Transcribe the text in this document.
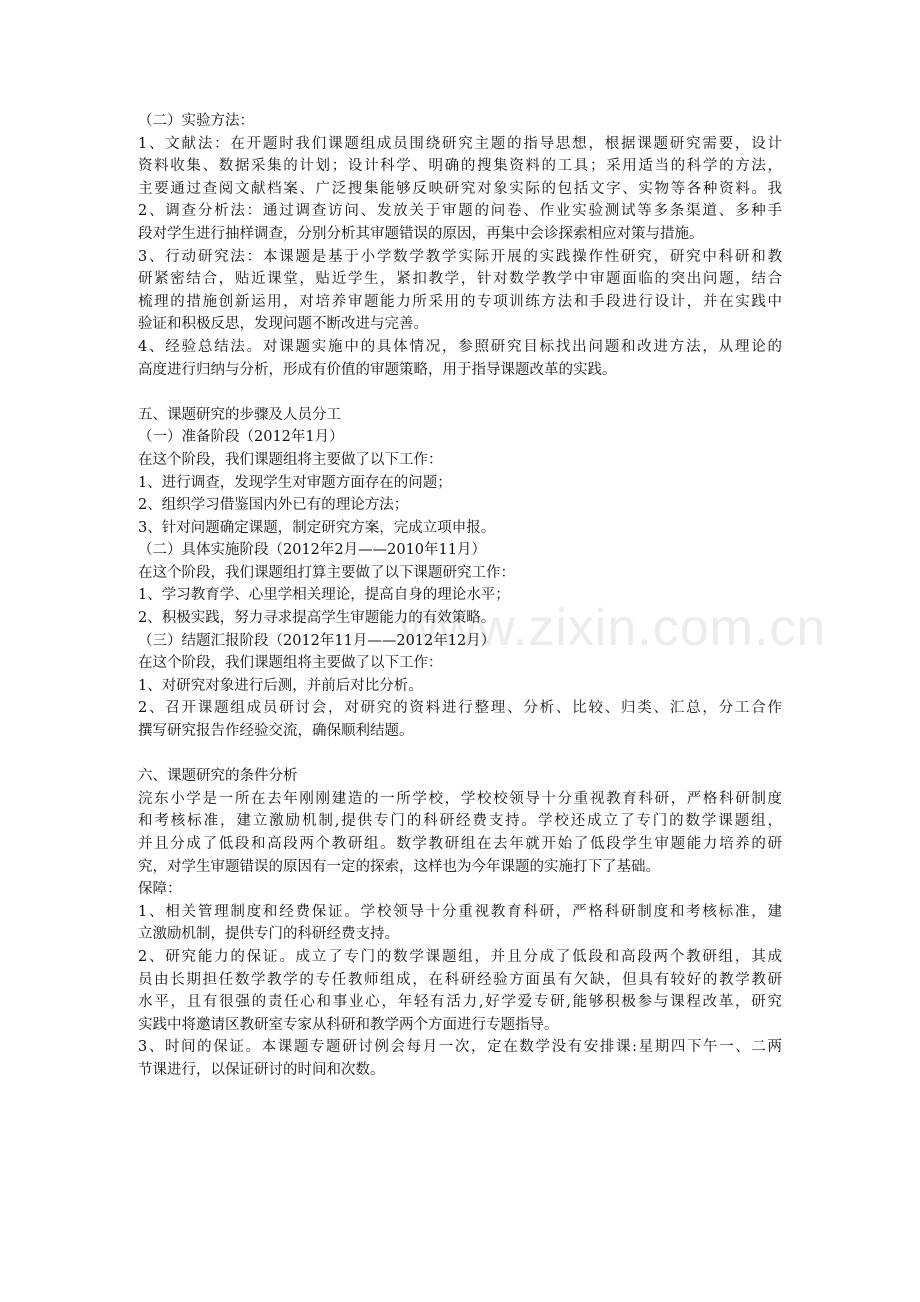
www.zixin.com.cn
（二）实验方法：
1、文献法：在开题时我们课题组成员围绕研究主题的指导思想，根据课题研究需要，设计
资料收集、数据采集的计划；设计科学、明确的搜集资料的工具；采用适当的科学的方法，
主要通过查阅文献档案、广泛搜集能够反映研究对象实际的包括文字、实物等各种资料。我
2、调查分析法：通过调查访问、发放关于审题的问卷、作业实验测试等多条渠道、多种手
段对学生进行抽样调查，分别分析其审题错误的原因，再集中会诊探索相应对策与措施。
3、行动研究法：本课题是基于小学数学教学实际开展的实践操作性研究，研究中科研和教
研紧密结合，贴近课堂，贴近学生，紧扣教学，针对数学教学中审题面临的突出问题，结合
梳理的措施创新运用，对培养审题能力所采用的专项训练方法和手段进行设计，并在实践中
验证和积极反思，发现问题不断改进与完善。
4、经验总结法。对课题实施中的具体情况，参照研究目标找出问题和改进方法，从理论的
高度进行归纳与分析，形成有价值的审题策略，用于指导课题改革的实践。
五、课题研究的步骤及人员分工
（一）准备阶段（2012年1月）
在这个阶段，我们课题组将主要做了以下工作：
1、进行调查，发现学生对审题方面存在的问题；
2、组织学习借鉴国内外已有的理论方法；
3、针对问题确定课题，制定研究方案，完成立项申报。
（二）具体实施阶段（2012年2月——2010年11月）
在这个阶段，我们课题组打算主要做了以下课题研究工作：
1、学习教育学、心里学相关理论，提高自身的理论水平；
2、积极实践，努力寻求提高学生审题能力的有效策略。
（三）结题汇报阶段（2012年11月——2012年12月）
在这个阶段，我们课题组将主要做了以下工作：
1、对研究对象进行后测，并前后对比分析。
2、召开课题组成员研讨会，对研究的资料进行整理、分析、比较、归类、汇总，分工合作
撰写研究报告作经验交流，确保顺利结题。
六、课题研究的条件分析
浣东小学是一所在去年刚刚建造的一所学校，学校校领导十分重视教育科研，严格科研制度
和考核标准，建立激励机制,提供专门的科研经费支持。学校还成立了专门的数学课题组，
并且分成了低段和高段两个教研组。数学教研组在去年就开始了低段学生审题能力培养的研
究，对学生审题错误的原因有一定的探索，这样也为今年课题的实施打下了基础。
保障：
1、相关管理制度和经费保证。学校领导十分重视教育科研，严格科研制度和考核标准，建
立激励机制，提供专门的科研经费支持。
2、研究能力的保证。成立了专门的数学课题组，并且分成了低段和高段两个教研组，其成
员由长期担任数学教学的专任教师组成，在科研经验方面虽有欠缺，但具有较好的教学教研
水平，且有很强的责任心和事业心，年轻有活力,好学爱专研,能够积极参与课程改革，研究
实践中将邀请区教研室专家从科研和教学两个方面进行专题指导。
3、时间的保证。本课题专题研讨例会每月一次，定在数学没有安排课:星期四下午一、二两
节课进行，以保证研讨的时间和次数。
